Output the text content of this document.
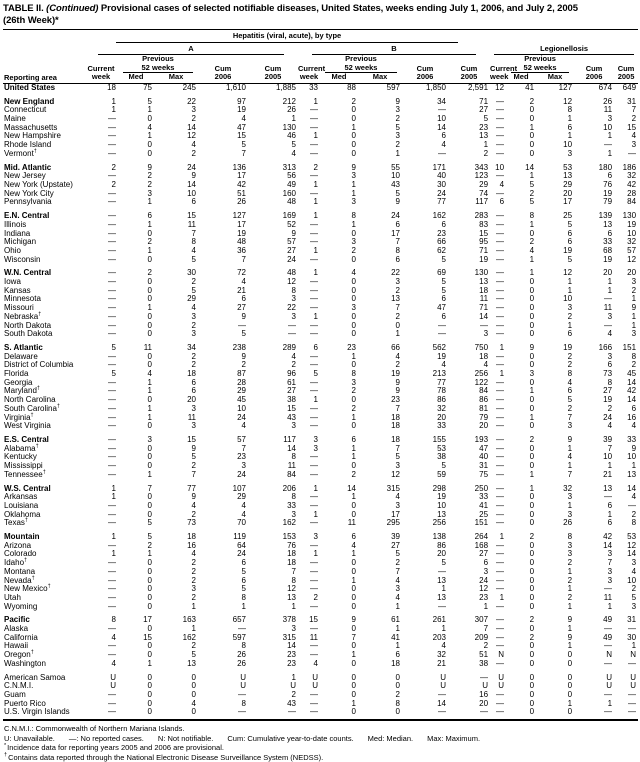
TABLE II. (Continued) Provisional cases of selected notifiable diseases, United States, weeks ending July 1, 2006, and July 2, 2005
(26th Week)*
Reporting area	Hepatitis (viral, acute), by type										Legionellosis				

	A					B									

	Current
week	Previous
52 weeks		Cum
2006	Cum
2005	Current
week	Previous
52 weeks		Cum
2006	Cum
2005	Current
week	Previous
52 weeks		Cum
2006	Cum
2005
		Med	Max				Med	Max				Med	Max		
United States	18	75	245	1,610	1,885	33	88	597	1,850	2,591	12	41	127	674	649
New England	1	5	22	97	212	1	2	9	34	71	—	2	12	26	31
Connecticut	1	1	3	19	26	—	0	3	—	27	—	0	8	11	7
Maine	—	0	2	4	1	—	0	2	10	5	—	0	1	3	2
Massachusetts	—	4	14	47	130	—	1	5	14	23	—	1	6	10	15
New Hampshire	—	1	12	15	46	1	0	3	6	13	—	0	1	1	4
Rhode Island	—	0	4	5	5	—	0	2	4	1	—	0	10	—	3
Vermont†	—	0	2	7	4	—	0	1	—	2	—	0	3	1	—
Mid. Atlantic	2	9	24	136	313	2	9	55	171	343	10	14	53	180	186
New Jersey	—	2	9	17	56	—	3	10	40	123	—	1	13	6	32
New York (Upstate)	2	2	14	42	49	1	1	43	30	29	4	5	29	76	42
New York City	—	3	10	51	160	—	1	5	24	74	—	2	20	19	28
Pennsylvania	—	1	6	26	48	1	3	9	77	117	6	5	17	79	84
E.N. Central	—	6	15	127	169	1	8	24	162	283	—	8	25	139	130
Illinois	—	1	11	17	52	—	1	6	6	83	—	1	5	13	19
Indiana	—	0	7	19	9	—	0	17	23	15	—	0	6	6	10
Michigan	—	2	8	48	57	—	3	7	66	95	—	2	6	33	32
Ohio	—	1	4	36	27	1	2	8	62	71	—	4	19	68	57
Wisconsin	—	0	5	7	24	—	0	6	5	19	—	1	5	19	12
W.N. Central	—	2	30	72	48	1	4	22	69	130	—	1	12	20	20
Iowa	—	0	2	4	12	—	0	3	5	13	—	0	1	1	3
Kansas	—	0	5	21	8	—	0	2	5	18	—	0	1	1	2
Minnesota	—	0	29	6	3	—	0	13	6	11	—	0	10	—	1
Missouri	—	1	4	27	22	—	3	7	47	71	—	0	3	11	9
Nebraska†	—	0	3	9	3	1	0	2	6	14	—	0	2	3	1
North Dakota	—	0	2	—	—	—	0	0	—	—	—	0	1	—	1
South Dakota	—	0	3	5	—	—	0	1	—	3	—	0	6	4	3
S. Atlantic	5	11	34	238	289	6	23	66	562	750	1	9	19	166	151
Delaware	—	0	2	9	4	—	1	4	19	18	—	0	2	3	8
District of Columbia	—	0	2	2	2	—	0	2	4	4	—	0	2	6	2
Florida	5	4	18	87	96	5	8	19	213	256	1	3	8	73	45
Georgia	—	1	6	28	61	—	3	9	77	122	—	0	4	8	14
Maryland†	—	1	6	29	27	—	2	9	78	84	—	1	6	27	42
North Carolina	—	0	20	45	38	1	0	23	86	86	—	0	5	19	14
South Carolina†	—	1	3	10	15	—	2	7	32	81	—	0	2	2	6
Virginia†	—	1	11	24	43	—	1	18	20	79	—	1	7	24	16
West Virginia	—	0	3	4	3	—	0	18	33	20	—	0	3	4	4
E.S. Central	—	3	15	57	117	3	6	18	155	193	—	2	9	39	33
Alabama†	—	0	9	7	14	3	1	7	53	47	—	0	1	7	9
Kentucky	—	0	5	23	8	—	1	5	38	40	—	0	4	10	10
Mississippi	—	0	2	3	11	—	0	3	5	31	—	0	1	1	1
Tennessee†	—	1	7	24	84	—	2	12	59	75	—	1	7	21	13
W.S. Central	1	7	77	107	206	1	14	315	298	250	—	1	32	13	14
Arkansas	1	0	9	29	8	—	1	4	19	33	—	0	3	—	4
Louisiana	—	0	4	4	33	—	0	3	10	41	—	0	1	6	—
Oklahoma	—	0	2	4	3	1	0	17	13	25	—	0	3	1	2
Texas†	—	5	73	70	162	—	11	295	256	151	—	0	26	6	8
Mountain	1	5	18	119	153	3	6	39	138	264	1	2	8	42	53
Arizona	—	2	16	64	76	—	4	27	86	168	—	0	3	14	12
Colorado	1	1	4	24	18	1	1	5	20	27	—	0	3	3	14
Idaho†	—	0	2	6	18	—	0	2	5	6	—	0	2	7	3
Montana	—	0	2	5	7	—	0	7	—	3	—	0	1	3	4
Nevada†	—	0	2	6	8	—	1	4	13	24	—	0	2	3	10
New Mexico†	—	0	3	5	12	—	0	3	1	12	—	0	1	—	2
Utah	—	0	2	8	13	2	0	4	13	23	1	0	2	11	5
Wyoming	—	0	1	1	1	—	0	1	—	1	—	0	1	1	3
Pacific	8	17	163	657	378	15	9	61	261	307	—	2	9	49	31
Alaska	—	0	1	—	3	—	0	1	1	7	—	0	1	—	—
California	4	15	162	597	315	11	7	41	203	209	—	2	9	49	30
Hawaii	—	0	2	8	14	—	0	1	4	2	—	0	1	—	1
Oregon†	—	0	5	26	23	—	1	6	32	51	N	0	0	N	N
Washington	4	1	13	26	23	4	0	18	21	38	—	0	0	—	—
American Samoa	U	0	0	U	1	U	0	0	U	—	U	0	0	U	U
C.N.M.I.	U	0	0	U	U	U	0	0	U	U	U	0	0	U	U
Guam	—	0	0	—	2	—	0	2	—	16	—	0	0	—	—
Puerto Rico	—	0	4	8	43	—	1	8	14	20	—	0	1	1	—
U.S. Virgin Islands	—	0	0	—	—	—	0	0	—	—	—	0	0	—	—
C.N.M.I.: Commonwealth of Northern Mariana Islands.
U: Unavailable. —: No reported cases. N: Not notifiable. Cum: Cumulative year-to-date counts. Med: Median. Max: Maximum.
*Incidence data for reporting years 2005 and 2006 are provisional.
†Contains data reported through the National Electronic Disease Surveillance System (NEDSS).
